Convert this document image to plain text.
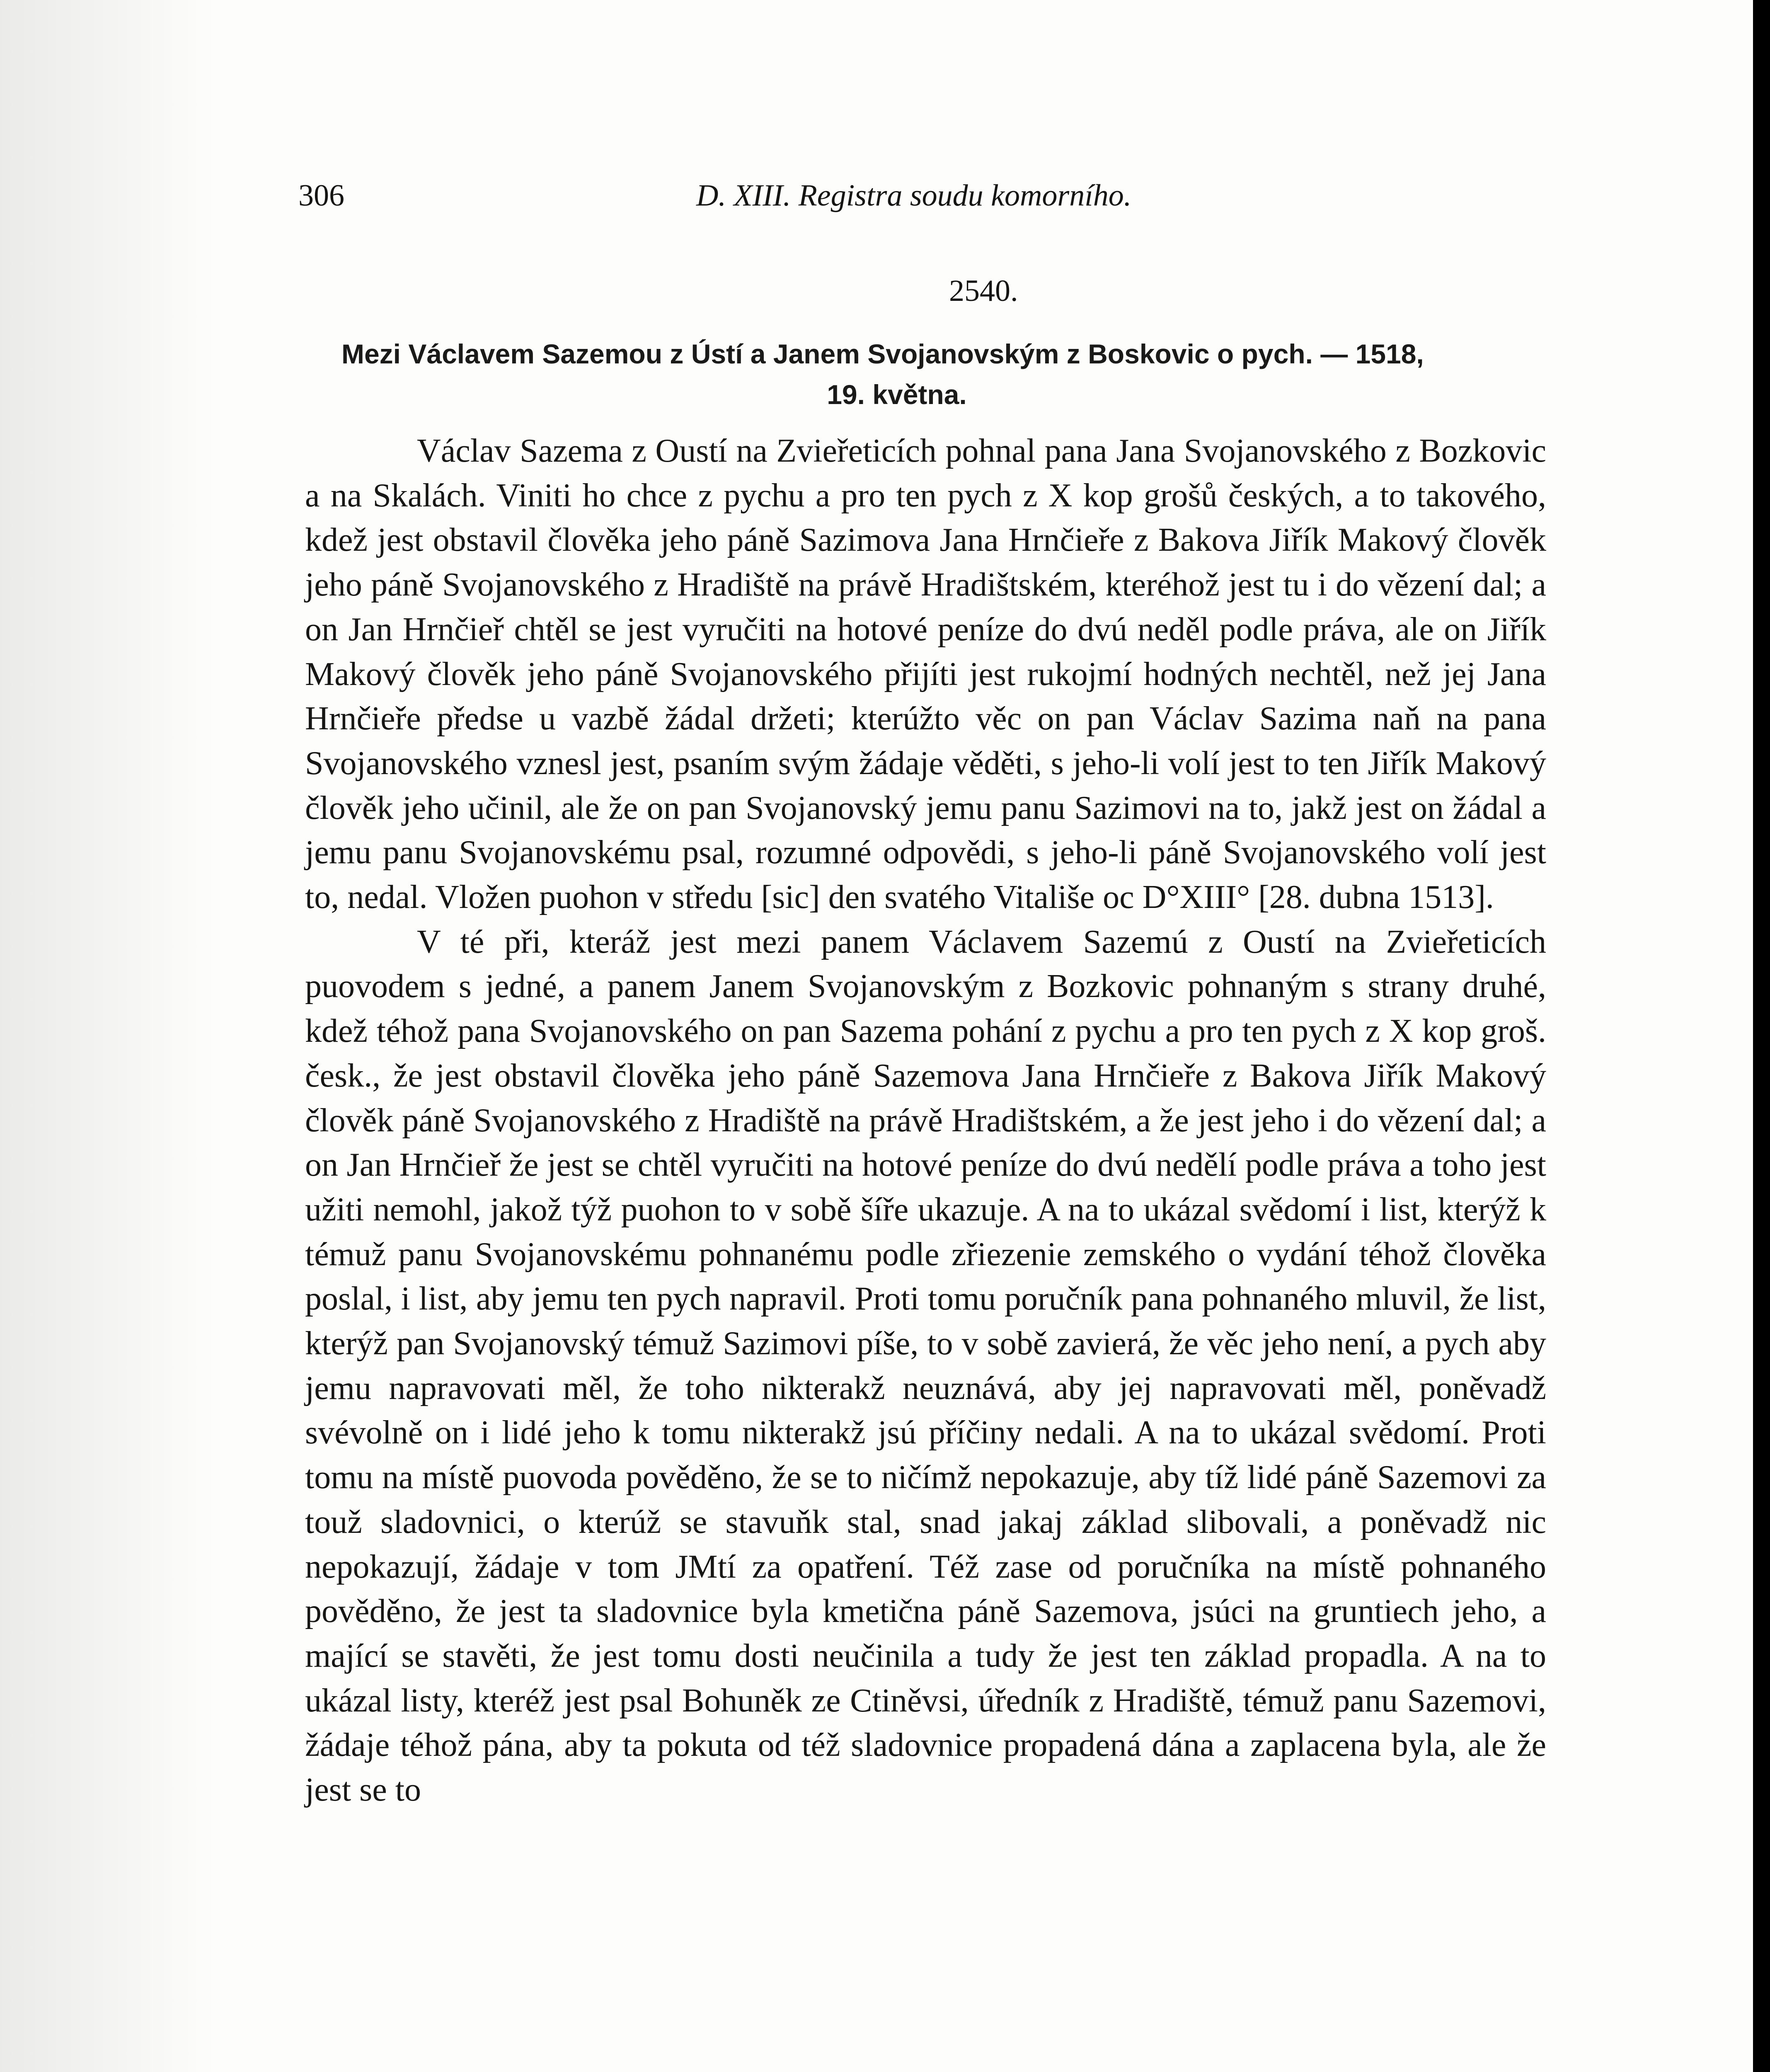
306	D. XIII. Registra soudu komorního.
2540.
Mezi Václavem Sazemou z Ústí a Janem Svojanovským z Boskovic o pych. — 1518,
19. května.

Václav Sazema z Oustí na Zvieřeticích pohnal pana Jana Svojanovského z Bozkovic a na Skalách. Viniti ho chce z pychu a pro ten pych z X kop grošů českých, a to takového, kdež jest obstavil člověka jeho páně Sazimova Jana Hrnčieře z Bakova Jiřík Makový člověk jeho páně Svojanovského z Hradiště na právě Hradištském, kteréhož jest tu i do vězení dal; a on Jan Hrnčieř chtěl se jest vyručiti na hotové peníze do dvú neděl podle práva, ale on Jiřík Makový člověk jeho páně Svojanovského přijíti jest rukojmí hodných nechtěl, než jej Jana Hrnčieře předse u vazbě žádal držeti; kterúžto věc on pan Václav Sazima naň na pana Svojanovského vznesl jest, psaním svým žádaje věděti, s jeho-li volí jest to ten Jiřík Makový člověk jeho učinil, ale že on pan Svojanovský jemu panu Sazimovi na to, jakž jest on žádal a jemu panu Svojanovskému psal, rozumné odpovědi, s jeho-li páně Svojanovského volí jest to, nedal. Vložen puohon v středu [sic] den svatého Vitališe oc D°XIII° [28. dubna 1513].

V té při, kteráž jest mezi panem Václavem Sazemú z Oustí na Zvieřeticích puovodem s jedné, a panem Janem Svojanovským z Bozkovic pohnaným s strany druhé, kdež téhož pana Svojanovského on pan Sazema pohání z pychu a pro ten pych z X kop groš. česk., že jest obstavil člověka jeho páně Sazemova Jana Hrnčieře z Bakova Jiřík Makový člověk páně Svojanovského z Hradiště na právě Hradištském, a že jest jeho i do vězení dal; a on Jan Hrnčieř že jest se chtěl vyručiti na hotové peníze do dvú nedělí podle práva a toho jest užiti nemohl, jakož týž puohon to v sobě šíře ukazuje. A na to ukázal svědomí i list, kterýž k témuž panu Svojanovskému pohnanému podle zřiezenie zemského o vydání téhož člověka poslal, i list, aby jemu ten pych napravil. Proti tomu poručník pana pohnaného mluvil, že list, kterýž pan Svojanovský témuž Sazimovi píše, to v sobě zavierá, že věc jeho není, a pych aby jemu napravovati měl, že toho nikterakž neuznává, aby jej napravovati měl, poněvadž svévolně on i lidé jeho k tomu nikterakž jsú příčiny nedali. A na to ukázal svědomí. Proti tomu na místě puovoda pověděno, že se to ničímž nepokazuje, aby tíž lidé páně Sazemovi za touž sladovnici, o kterúž se stavuňk stal, snad jakaj základ slibovali, a poněvadž nic nepokazují, žádaje v tom JMtí za opatření. Též zase od poručníka na místě pohnaného pověděno, že jest ta sladovnice byla kmetična páně Sazemova, jsúci na gruntiech jeho, a mající se stavěti, že jest tomu dosti neučinila a tudy že jest ten základ propadla. A na to ukázal listy, kteréž jest psal Bohuněk ze Ctiněvsi, úředník z Hradiště, témuž panu Sazemovi, žádaje téhož pána, aby ta pokuta od též sladovnice propadená dána a zaplacena byla, ale že jest se to
